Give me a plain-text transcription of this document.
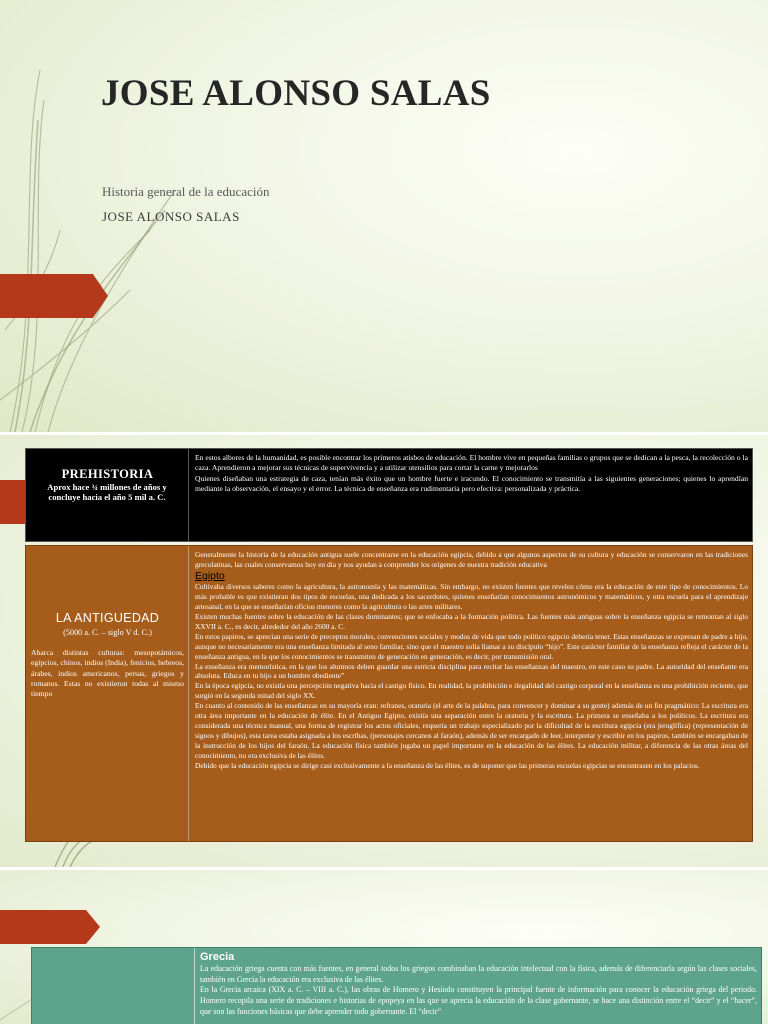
JOSE ALONSO SALAS
Historia general de la educación
JOSE ALONSO SALAS
PREHISTORIA
Aprox hace ¾ millones de años y concluye hacia el año 5 mil a. C.
En estos albores de la humanidad, es posible encontrar los primeros atisbos de educación. El hombre vive en pequeñas familias o grupos que se dedican a la pesca, la recolección o la caza. Aprendieron a mejorar sus técnicas de supervivencia y a utilizar utensilios para cortar la carne y mejorarlos
Quienes diseñaban una estrategia de caza, tenían más éxito que un hombre fuerte e iracundo. El conocimiento se transmitía a las siguientes generaciones; quienes lo aprendían mediante la observación, el ensayo y el error. La técnica de enseñanza era rudimentaria pero efectiva: personalizada y práctica.
LA ANTIGUEDAD
(5000 a. C. – siglo V d. C.)
Abarca distintas culturas: mesopotámicos, egipcios, chinos, indios (India), fenicios, hebreos, árabes, indios americanos, persas, griegos y romanos. Estas no existieron todas al mismo tiempo
Generalmente la historia de la educación antigua suele concentrarse en la educación egipcia, debido a que algunos aspectos de su cultura y educación se conservaron en las tradiciones grecolatinas, las cuales conservamos hoy en día y nos ayudan a comprender los orígenes de nuestra tradición educativa
Egipto
Cultivaba diversos saberes como la agricultura, la astronomía y las matemáticas. Sin embargo, no existen fuentes que revelen cómo era la educación de este tipo de conocimientos. Lo más probable es que existieran dos tipos de escuelas, una dedicada a los sacerdotes, quienes enseñarían conocimientos astronómicos y matemáticos, y otra escuela para el aprendizaje artesanal, en la que se enseñarían oficios menores como la agricultura o las artes militares.
Existen muchas fuentes sobre la educación de las clases dominantes; que se enfocaba a la formación política. Las fuentes más antiguas sobre la enseñanza egipcia se remontan al siglo XXVII a. C., es decir, alrededor del año 2600 a. C.
En estos papiros, se aprecian una serie de preceptos morales, convenciones sociales y modos de vida que todo político egipcio debería tener. Estas enseñanzas se expresan de padre a hijo, aunque no necesariamente era una enseñanza limitada al seno familiar, sino que el maestro solía llamar a su discípulo “hijo”. Este carácter familiar de la enseñanza refleja el carácter de la enseñanza antigua, en la que los conocimientos se transmiten de generación en generación, es decir, por transmisión oral.
La enseñanza era memorística, en la que los alumnos deben guardar una estricta disciplina para recitar las enseñanzas del maestro, en este caso su padre. La autoridad del enseñante era absoluta. Educa en tu hijo a un hombre obediente”
En la época egipcia, no existía una percepción negativa hacia el castigo físico. En realidad, la prohibición e ilegalidad del castigo corporal en la enseñanza es una prohibición reciente, que surgió en la segunda mitad del siglo XX.
En cuanto al contenido de las enseñanzas en su mayoría eran: refranes, oratoria (el arte de la palabra, para convencer y dominar a su gente) además de un fin pragmático: La escritura era otra área importante en la educación de élite. En el Antiguo Egipto, existía una separación entre la oratoria y la escritura. La primera se enseñaba a los políticos. La escritura era considerada una técnica manual, una forma de registrar los actos oficiales, requería un trabajo especializado por la dificultad de la escritura egipcia (era jeroglífica) (representación de signos y dibujos), esta tarea estaba asignada a los escribas, (personajes cercanos al faraón), además de ser encargado de leer, interpretar y escribir en los papiros, también se encargaban de la instrucción de los hijos del faraón. La educación física también jugaba un papel importante en la educación de las élites. La educación militar, a diferencia de las otras áreas del conocimiento, no era exclusiva de las élites.
Debido que la educación egipcia se dirige casi exclusivamente a la enseñanza de las élites, es de suponer que las primeras escuelas egipcias se encontrasen en los palacios.
Grecia
La educación griega cuenta con más fuentes, en general todos los griegos combinaban la educación intelectual con la física, además de diferenciarla según las clases sociales, también en Grecia la educación era exclusiva de las élites.
En la Grecia arcaica (XIX a. C. – VIII a. C.), las obras de Homero y Hesíodo constituyen la principal fuente de información para conocer la educación griega del periodo. Homero recopila una serie de tradiciones e historias de epopeya en las que se aprecia la educación de la clase gobernante, se hace una distinción entre el “decir” y el “hacer”, que son las funciones básicas que debe aprender todo gobernante. El “decir”
